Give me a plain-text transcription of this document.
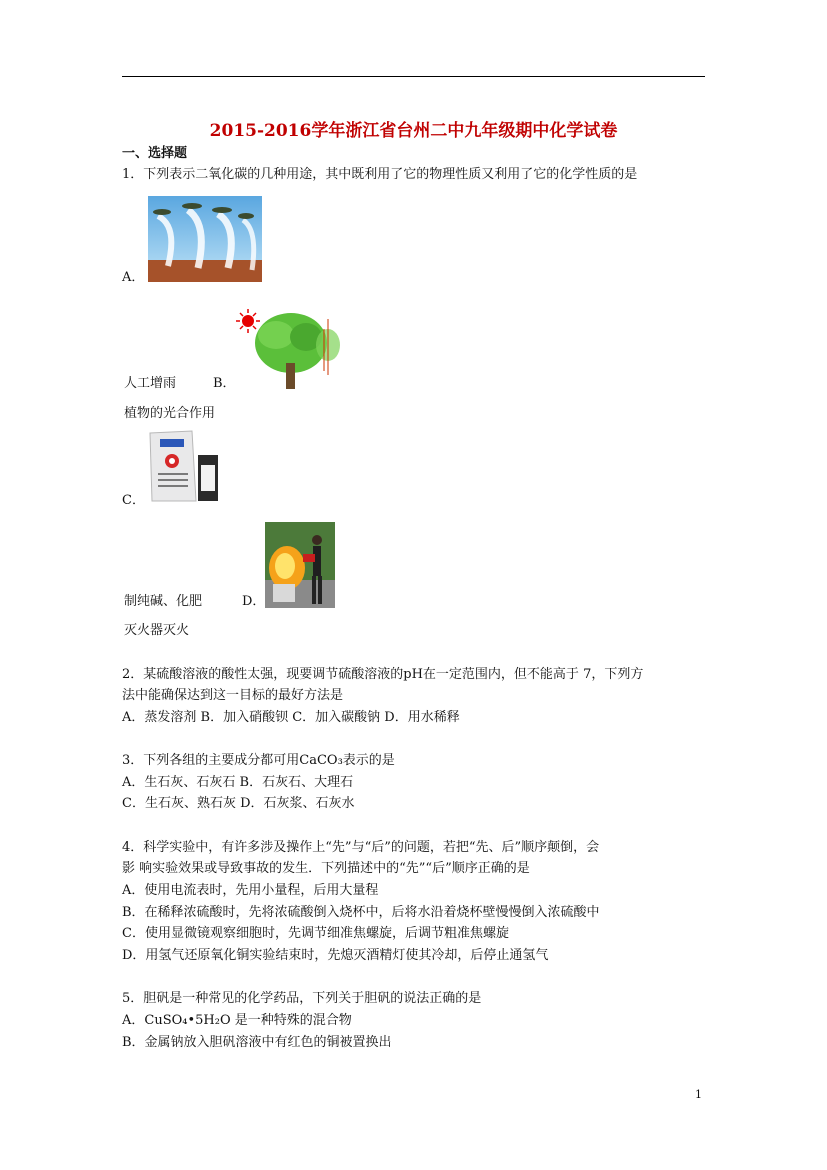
2015-2016学年浙江省台州二中九年级期中化学试卷
一、选择题
1．下列表示二氧化碳的几种用途，其中既利用了它的物理性质又利用了它的化学性质的是
A．
人工增雨	B．
植物的光合作用
C．
制纯碱、化肥	D．
灭火器灭火
2．某硫酸溶液的酸性太强，现要调节硫酸溶液的pH在一定范围内，但不能高于 7，下列方
法中能确保达到这一目标的最好方法是
A．蒸发溶剂 B．加入硝酸钡 C．加入碳酸钠 D．用水稀释
3．下列各组的主要成分都可用CaCO₃表示的是
A．生石灰、石灰石 B．石灰石、大理石
C．生石灰、熟石灰 D．石灰浆、石灰水
4．科学实验中，有许多涉及操作上“先”与“后”的问题，若把“先、后”顺序颠倒，会
影 响实验效果或导致事故的发生．下列描述中的“先”“后”顺序正确的是
A．使用电流表时，先用小量程，后用大量程
B．在稀释浓硫酸时，先将浓硫酸倒入烧杯中，后将水沿着烧杯壁慢慢倒入浓硫酸中
C．使用显微镜观察细胞时，先调节细准焦螺旋，后调节粗准焦螺旋
D．用氢气还原氧化铜实验结束时，先熄灭酒精灯使其冷却，后停止通氢气
5．胆矾是一种常见的化学药品，下列关于胆矾的说法正确的是
A．CuSO₄•5H₂O 是一种特殊的混合物
B．金属钠放入胆矾溶液中有红色的铜被置换出
1
